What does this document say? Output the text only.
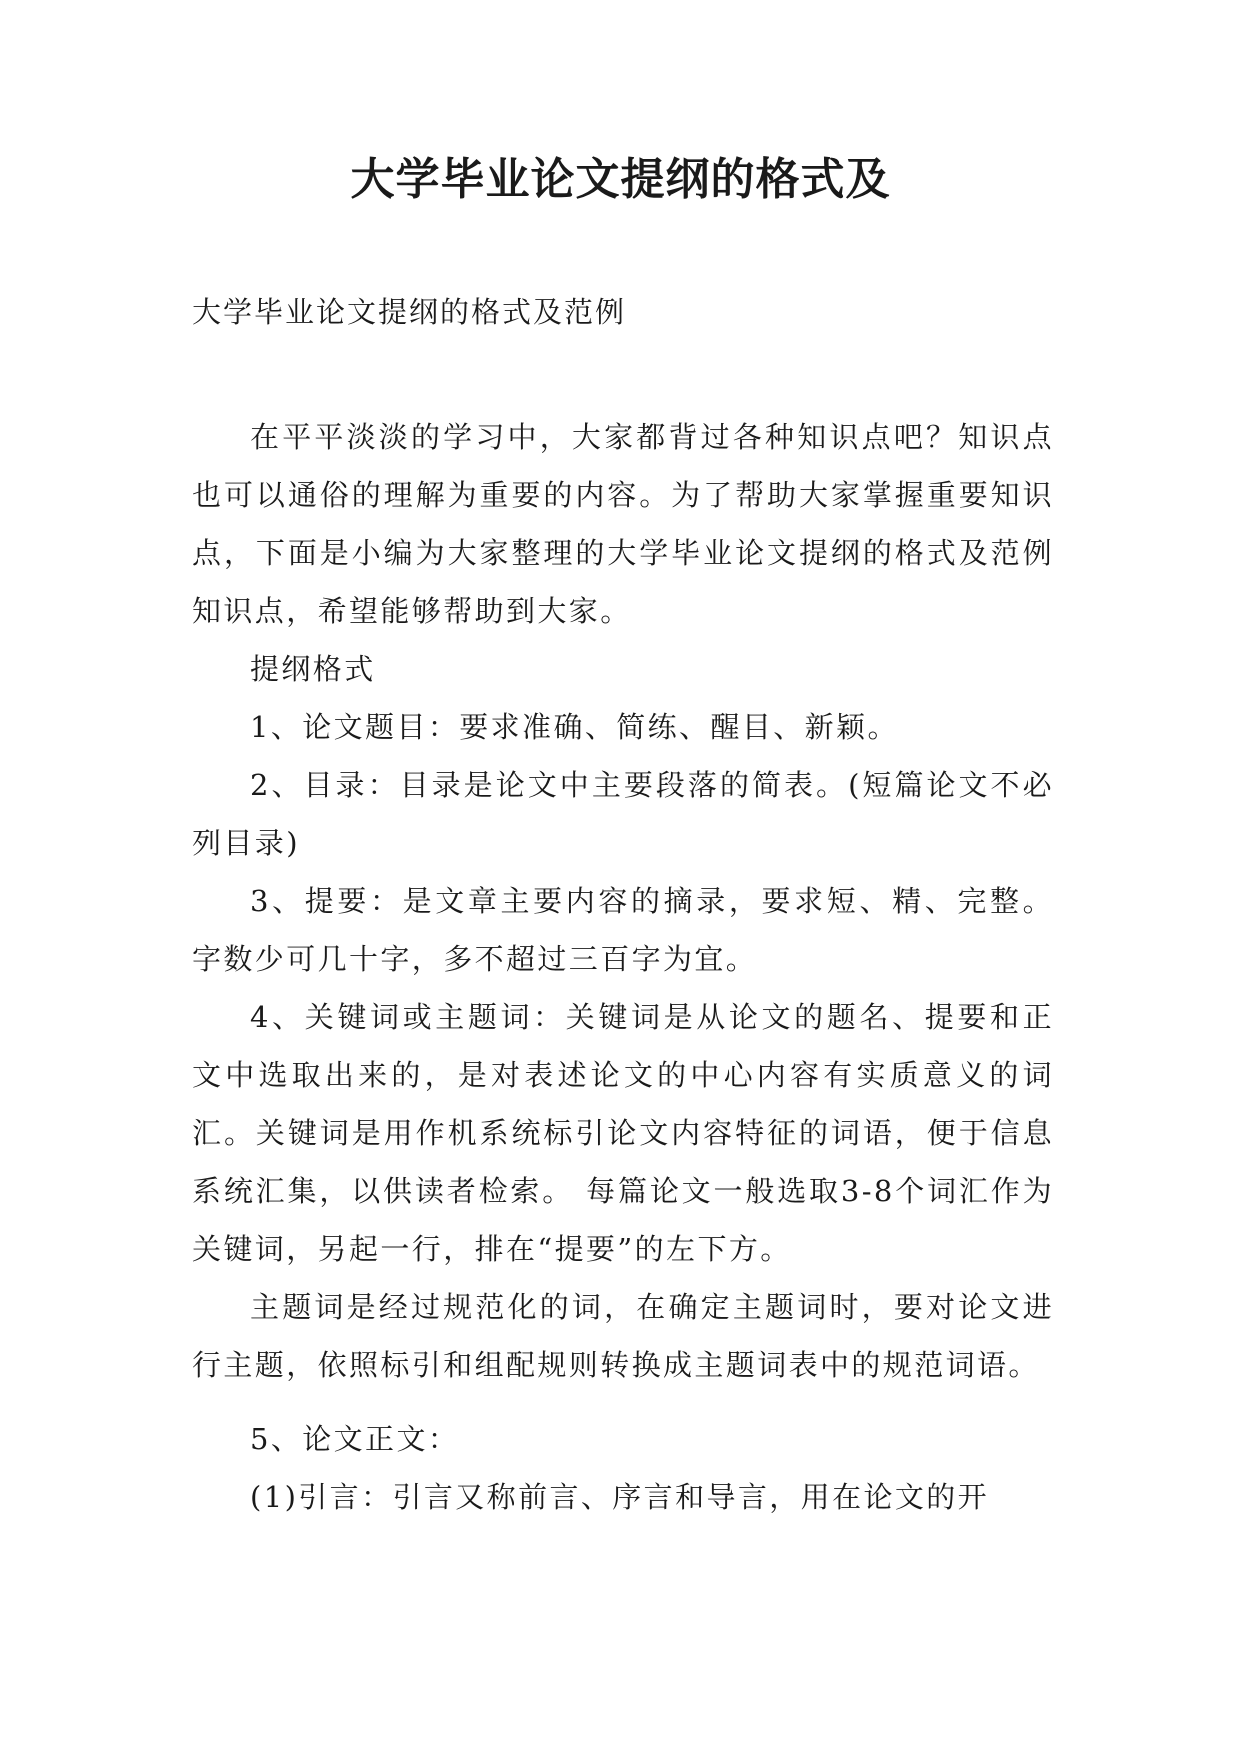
大学毕业论文提纲的格式及

大学毕业论文提纲的格式及范例

在平平淡淡的学习中，大家都背过各种知识点吧？知识点也可以通俗的理解为重要的内容。为了帮助大家掌握重要知识点，下面是小编为大家整理的大学毕业论文提纲的格式及范例知识点，希望能够帮助到大家。

提纲格式

1、论文题目：要求准确、简练、醒目、新颖。

2、目录：目录是论文中主要段落的简表。(短篇论文不必列目录)

3、提要：是文章主要内容的摘录，要求短、精、完整。字数少可几十字，多不超过三百字为宜。

4、关键词或主题词：关键词是从论文的题名、提要和正文中选取出来的，是对表述论文的中心内容有实质意义的词汇。关键词是用作机系统标引论文内容特征的词语，便于信息系统汇集，以供读者检索。 每篇论文一般选取3-8个词汇作为关键词，另起一行，排在“提要”的左下方。

主题词是经过规范化的词，在确定主题词时，要对论文进行主题，依照标引和组配规则转换成主题词表中的规范词语。

5、论文正文：

(1)引言：引言又称前言、序言和导言，用在论文的开
